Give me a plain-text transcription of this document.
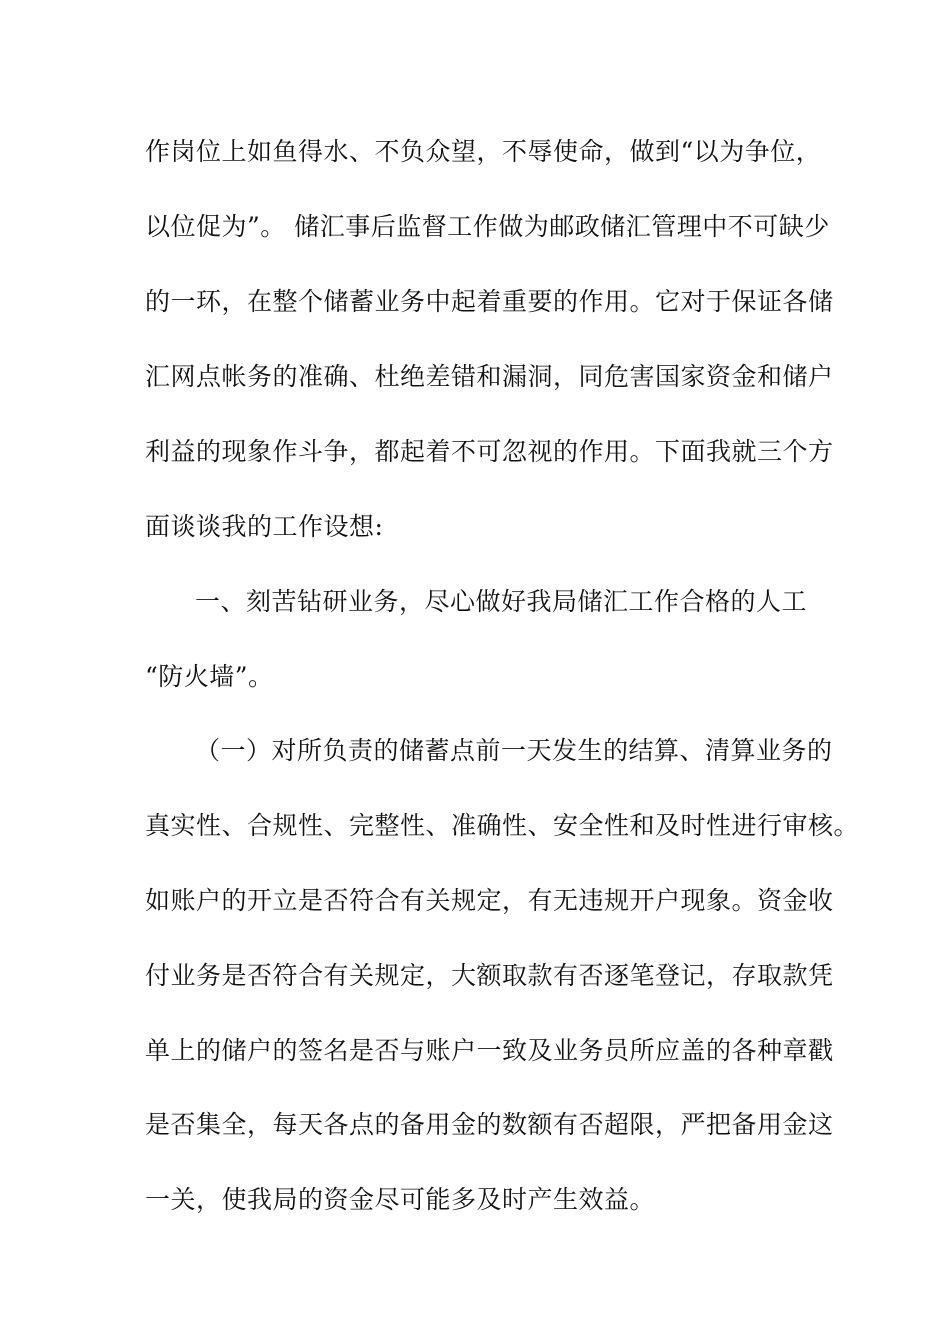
作岗位上如鱼得水、不负众望，不辱使命，做到“以为争位，

以位促为”。 储汇事后监督工作做为邮政储汇管理中不可缺少

的一环，在整个储蓄业务中起着重要的作用。它对于保证各储

汇网点帐务的准确、杜绝差错和漏洞，同危害国家资金和储户

利益的现象作斗争，都起着不可忽视的作用。下面我就三个方

面谈谈我的工作设想:

一、刻苦钻研业务，尽心做好我局储汇工作合格的人工

“防火墙”。

（一）对所负责的储蓄点前一天发生的结算、清算业务的

真实性、合规性、完整性、准确性、安全性和及时性进行审核。

如账户的开立是否符合有关规定，有无违规开户现象。资金收

付业务是否符合有关规定，大额取款有否逐笔登记，存取款凭

单上的储户的签名是否与账户一致及业务员所应盖的各种章戳

是否集全，每天各点的备用金的数额有否超限，严把备用金这

一关，使我局的资金尽可能多及时产生效益。
